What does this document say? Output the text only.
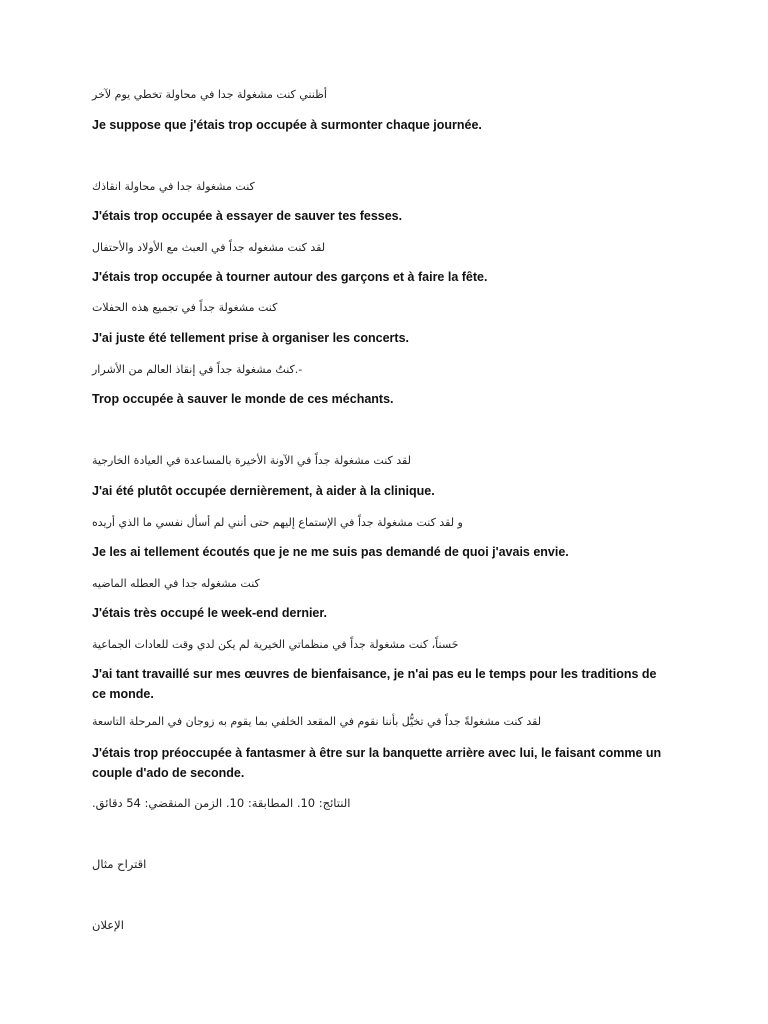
أظنني كنت مشغولة جدا في محاولة تخطي يوم لآخر

Je suppose que j'étais trop occupée à surmonter chaque journée.

كنت مشغولة جدا في محاولة انقاذك

J'étais trop occupée à essayer de sauver tes fesses.

لقد كنت مشغوله جداً في العبث مع الأولاد والأحتفال

J'étais trop occupée à tourner autour des garçons et à faire la fête.

كنت مشغولة جداً في تجميع هذه الحفلات

J'ai juste été tellement prise à organiser les concerts.

-.كنتُ مشغولة جداً في إنقاذ العالم من الأشرار

Trop occupée à sauver le monde de ces méchants.

لقد كنت مشغولة جداً في الآونة الأخيرة بالمساعدة في العيادة الخارجية

J'ai été plutôt occupée dernièrement, à aider à la clinique.

و لقد كنت مشغولة جداً في الإستماع إليهم حتى أنني لم أسأل نفسي ما الذي أريده

Je les ai tellement écoutés que je ne me suis pas demandé de quoi j'avais envie.

كنت مشغوله جدا في العطله الماضيه

J'étais très occupé le week-end dernier.

حَسناً، كنت مشغولة جداً في منظماتي الخيرية لم يكن لدي وقت للعادات الجماعية

J'ai tant travaillé sur mes œuvres de bienfaisance, je n'ai pas eu le temps pour les traditions de ce monde.

لقد كنت مشغولةً جداً في تخيُّل بأننا نقوم في المقعد الخلفي بما يقوم به زوجان في المرحلة التاسعة

J'étais trop préoccupée à fantasmer à être sur la banquette arrière avec lui, le faisant comme un couple d'ado de seconde.

النتائج: 10. المطابقة: 10. الزمن المنقضي: 54 دقائق.

اقتراح مثال

الإعلان
